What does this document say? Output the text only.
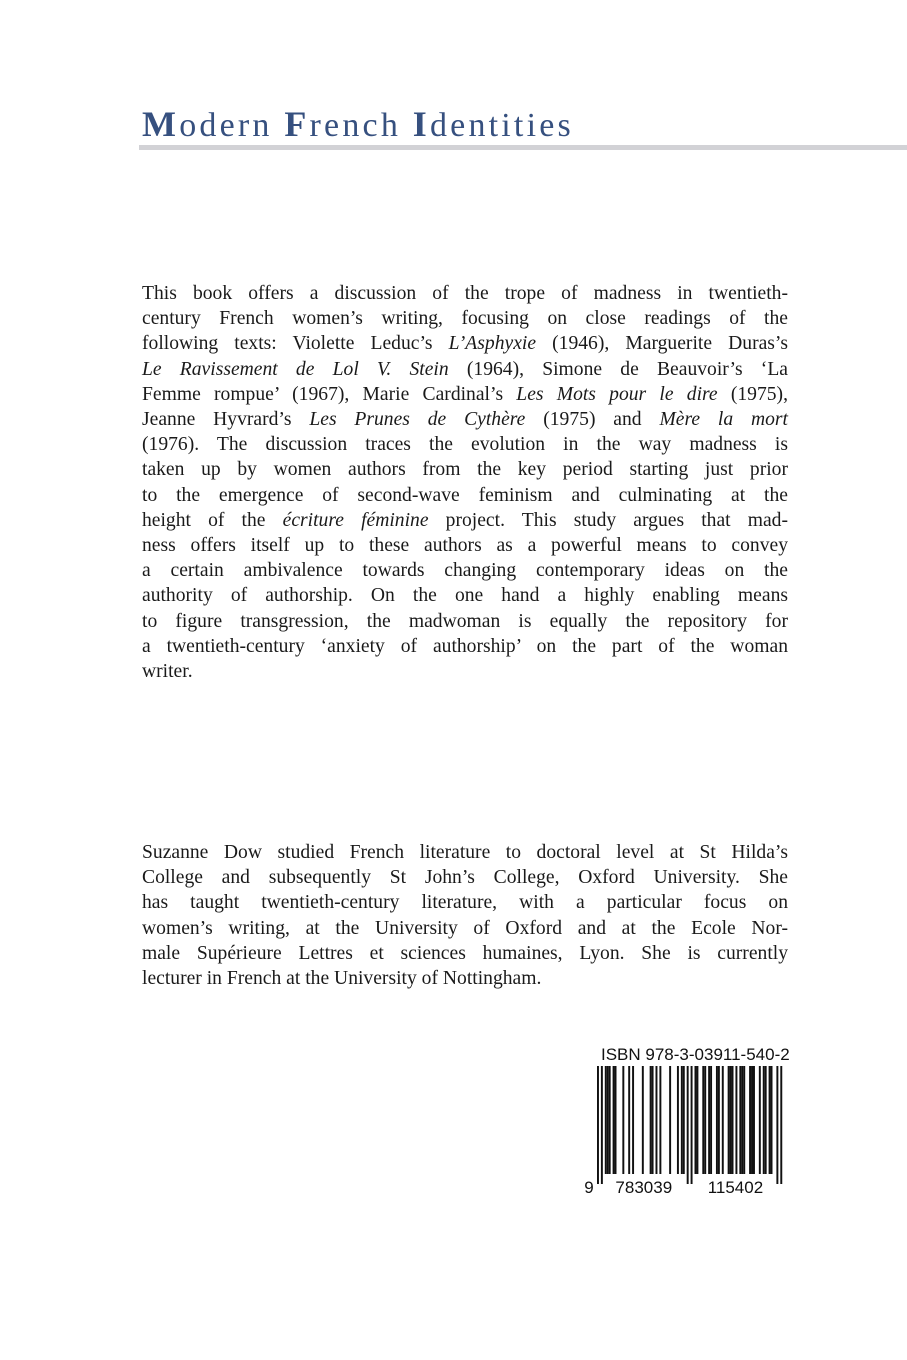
Modern French Identities
This book offers a discussion of the trope of madness in twentieth-
century French women’s writing, focusing on close readings of the
following texts: Violette Leduc’s L’Asphyxie (1946), Marguerite Duras’s
Le Ravissement de Lol V. Stein (1964), Simone de Beauvoir’s ‘La
Femme rompue’ (1967), Marie Cardinal’s Les Mots pour le dire (1975),
Jeanne Hyvrard’s Les Prunes de Cythère (1975) and Mère la mort
(1976). The discussion traces the evolution in the way madness is
taken up by women authors from the key period starting just prior
to the emergence of second-wave feminism and culminating at the
height of the écriture féminine project. This study argues that mad-
ness offers itself up to these authors as a powerful means to convey
a certain ambivalence towards changing contemporary ideas on the
authority of authorship. On the one hand a highly enabling means
to figure transgression, the madwoman is equally the repository for
a twentieth-century ‘anxiety of authorship’ on the part of the woman
writer.
Suzanne Dow studied French literature to doctoral level at St Hilda’s
College and subsequently St John’s College, Oxford University. She
has taught twentieth-century literature, with a particular focus on
women’s writing, at the University of Oxford and at the Ecole Nor-
male Supérieure Lettres et sciences humaines, Lyon. She is currently
lecturer in French at the University of Nottingham.
ISBN 978-3-03911-540-2
9 783039 115402
